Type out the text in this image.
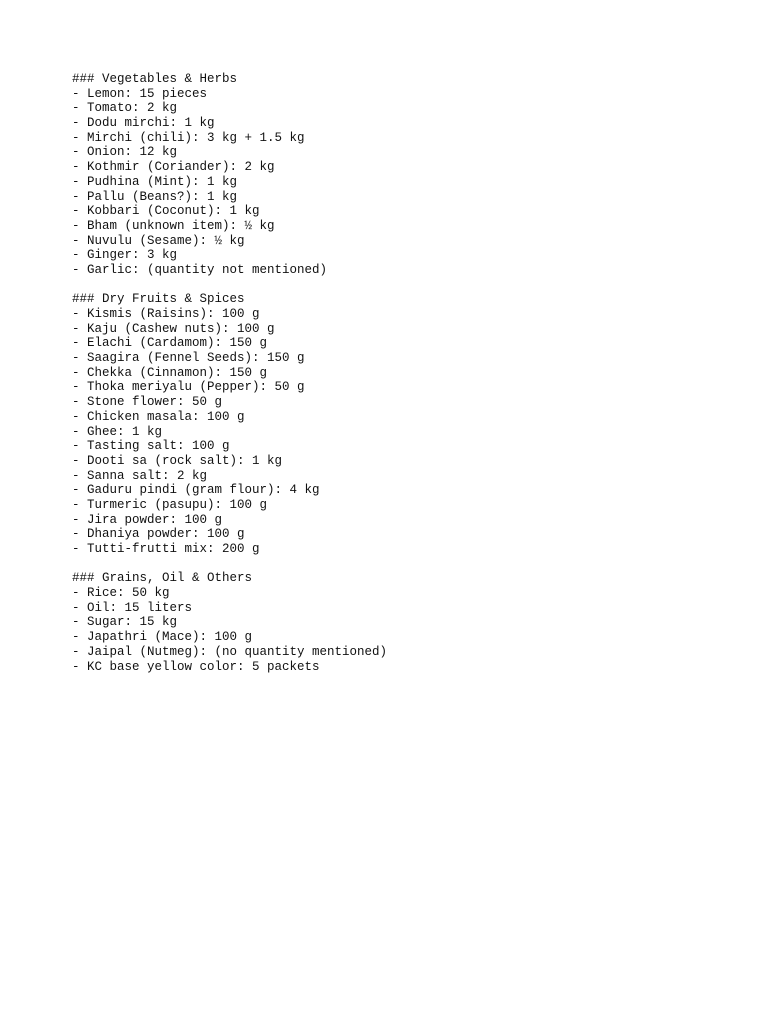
### Vegetables & Herbs
- Lemon: 15 pieces
- Tomato: 2 kg
- Dodu mirchi: 1 kg
- Mirchi (chili): 3 kg + 1.5 kg
- Onion: 12 kg
- Kothmir (Coriander): 2 kg
- Pudhina (Mint): 1 kg
- Pallu (Beans?): 1 kg
- Kobbari (Coconut): 1 kg
- Bham (unknown item): ½ kg
- Nuvulu (Sesame): ½ kg
- Ginger: 3 kg
- Garlic: (quantity not mentioned)
### Dry Fruits & Spices
- Kismis (Raisins): 100 g
- Kaju (Cashew nuts): 100 g
- Elachi (Cardamom): 150 g
- Saagira (Fennel Seeds): 150 g
- Chekka (Cinnamon): 150 g
- Thoka meriyalu (Pepper): 50 g
- Stone flower: 50 g
- Chicken masala: 100 g
- Ghee: 1 kg
- Tasting salt: 100 g
- Dooti sa (rock salt): 1 kg
- Sanna salt: 2 kg
- Gaduru pindi (gram flour): 4 kg
- Turmeric (pasupu): 100 g
- Jira powder: 100 g
- Dhaniya powder: 100 g
- Tutti-frutti mix: 200 g
### Grains, Oil & Others
- Rice: 50 kg
- Oil: 15 liters
- Sugar: 15 kg
- Japathri (Mace): 100 g
- Jaipal (Nutmeg): (no quantity mentioned)
- KC base yellow color: 5 packets
